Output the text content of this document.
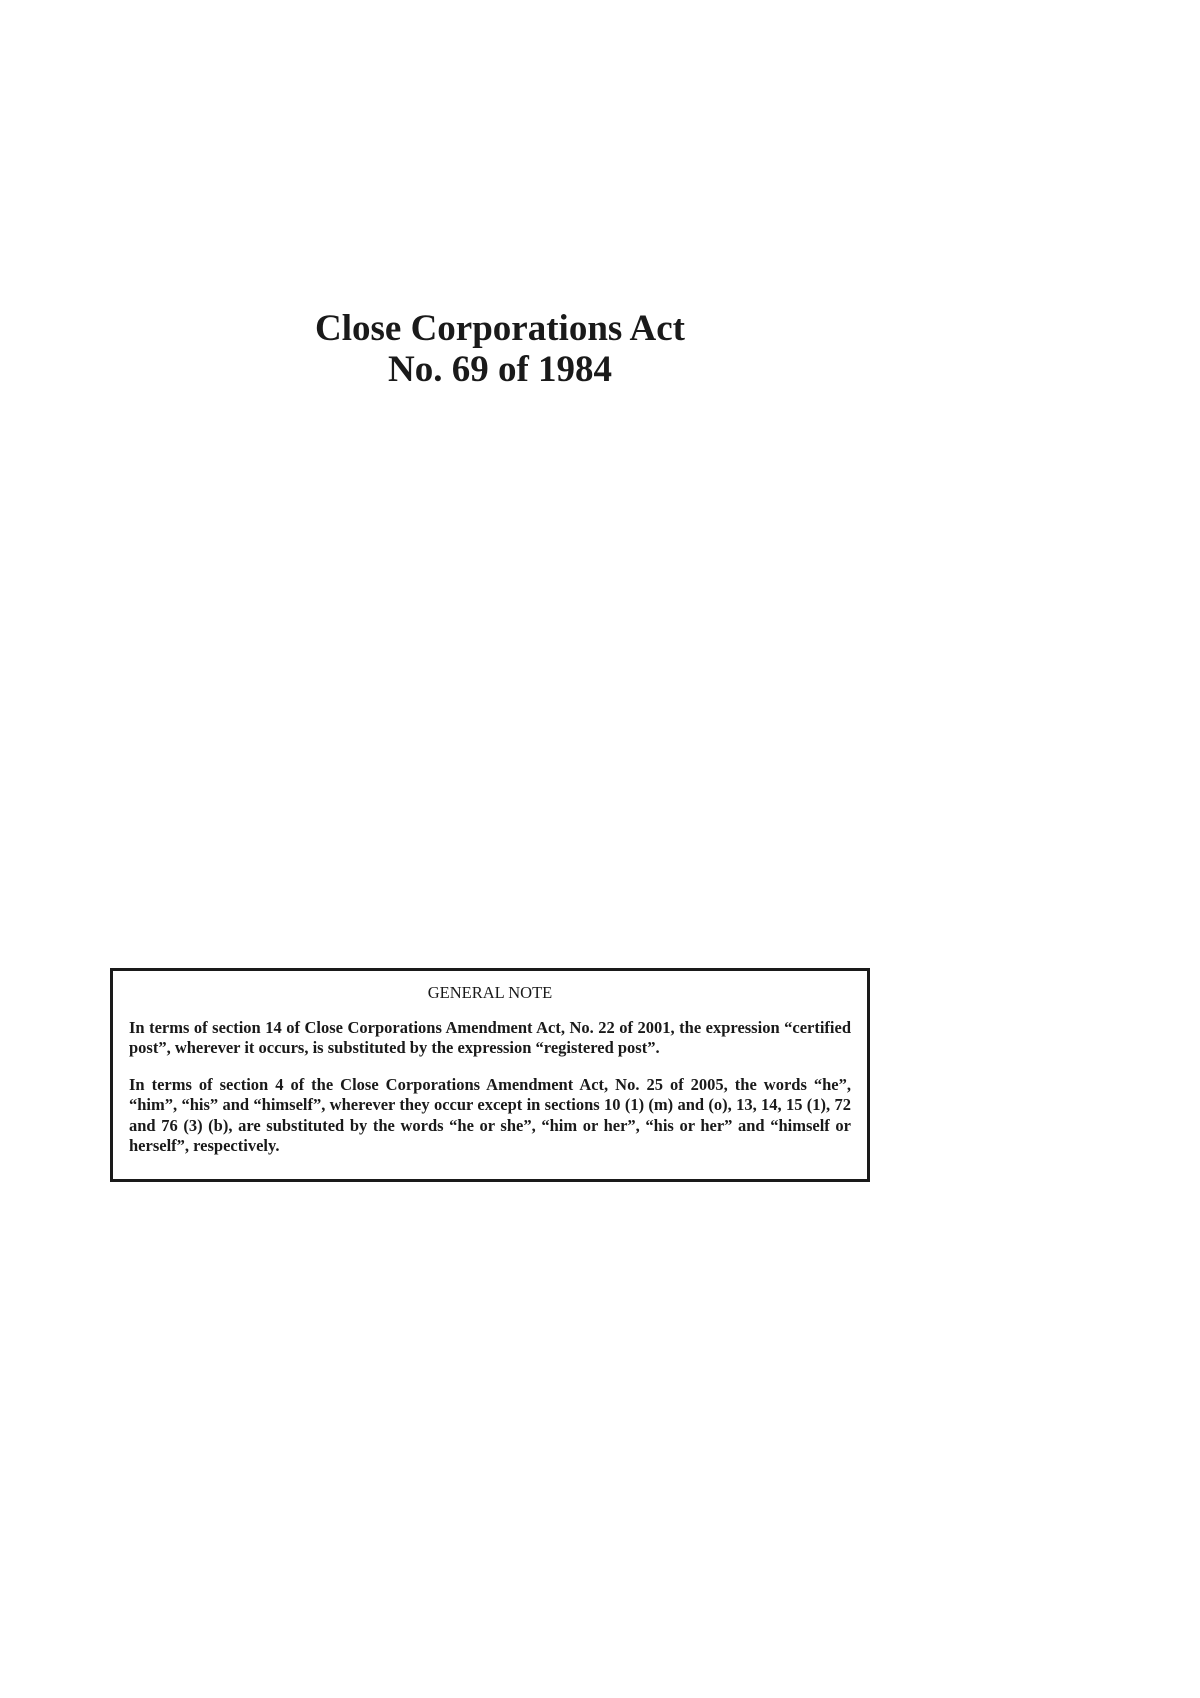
Close Corporations Act
No. 69 of 1984
GENERAL NOTE

In terms of section 14 of Close Corporations Amendment Act, No. 22 of 2001, the expression “certified post”, wherever it occurs, is substituted by the expression “registered post”.

In terms of section 4 of the Close Corporations Amendment Act, No. 25 of 2005, the words “he”, “him”, “his” and “himself”, wherever they occur except in sections 10 (1) (m) and (o), 13, 14, 15 (1), 72 and 76 (3) (b), are substituted by the words “he or she”, “him or her”, “his or her” and “himself or herself”, respectively.
